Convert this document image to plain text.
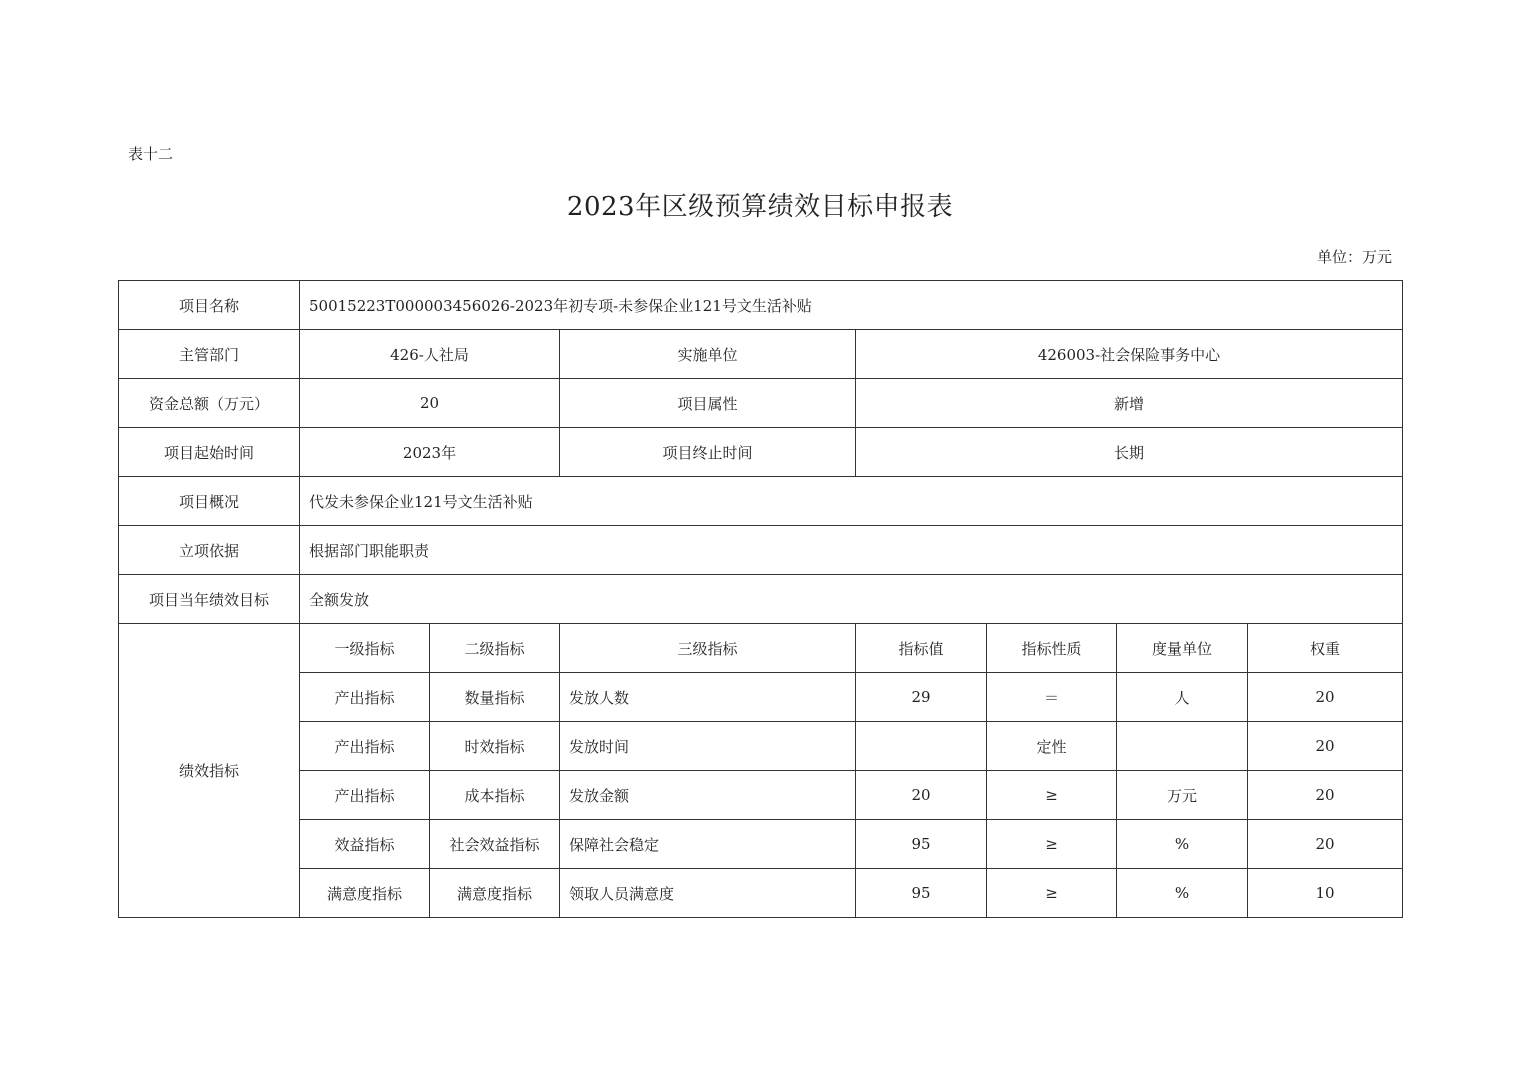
表十二
2023年区级预算绩效目标申报表
单位：万元
项目名称	50015223T000003456026-2023年初专项-未参保企业121号文生活补贴						
主管部门	426-人社局		实施单位	426003-社会保险事务中心			
资金总额（万元）	20		项目属性	新增			
项目起始时间	2023年		项目终止时间	长期			
项目概况	代发未参保企业121号文生活补贴						
立项依据	根据部门职能职责						
项目当年绩效目标	全额发放						
绩效指标	一级指标	二级指标	三级指标	指标值	指标性质	度量单位	权重
	产出指标	数量指标	发放人数	29	＝	人	20
	产出指标	时效指标	发放时间		定性		20
	产出指标	成本指标	发放金额	20	≥	万元	20
	效益指标	社会效益指标	保障社会稳定	95	≥	%	20
	满意度指标	满意度指标	领取人员满意度	95	≥	%	10
